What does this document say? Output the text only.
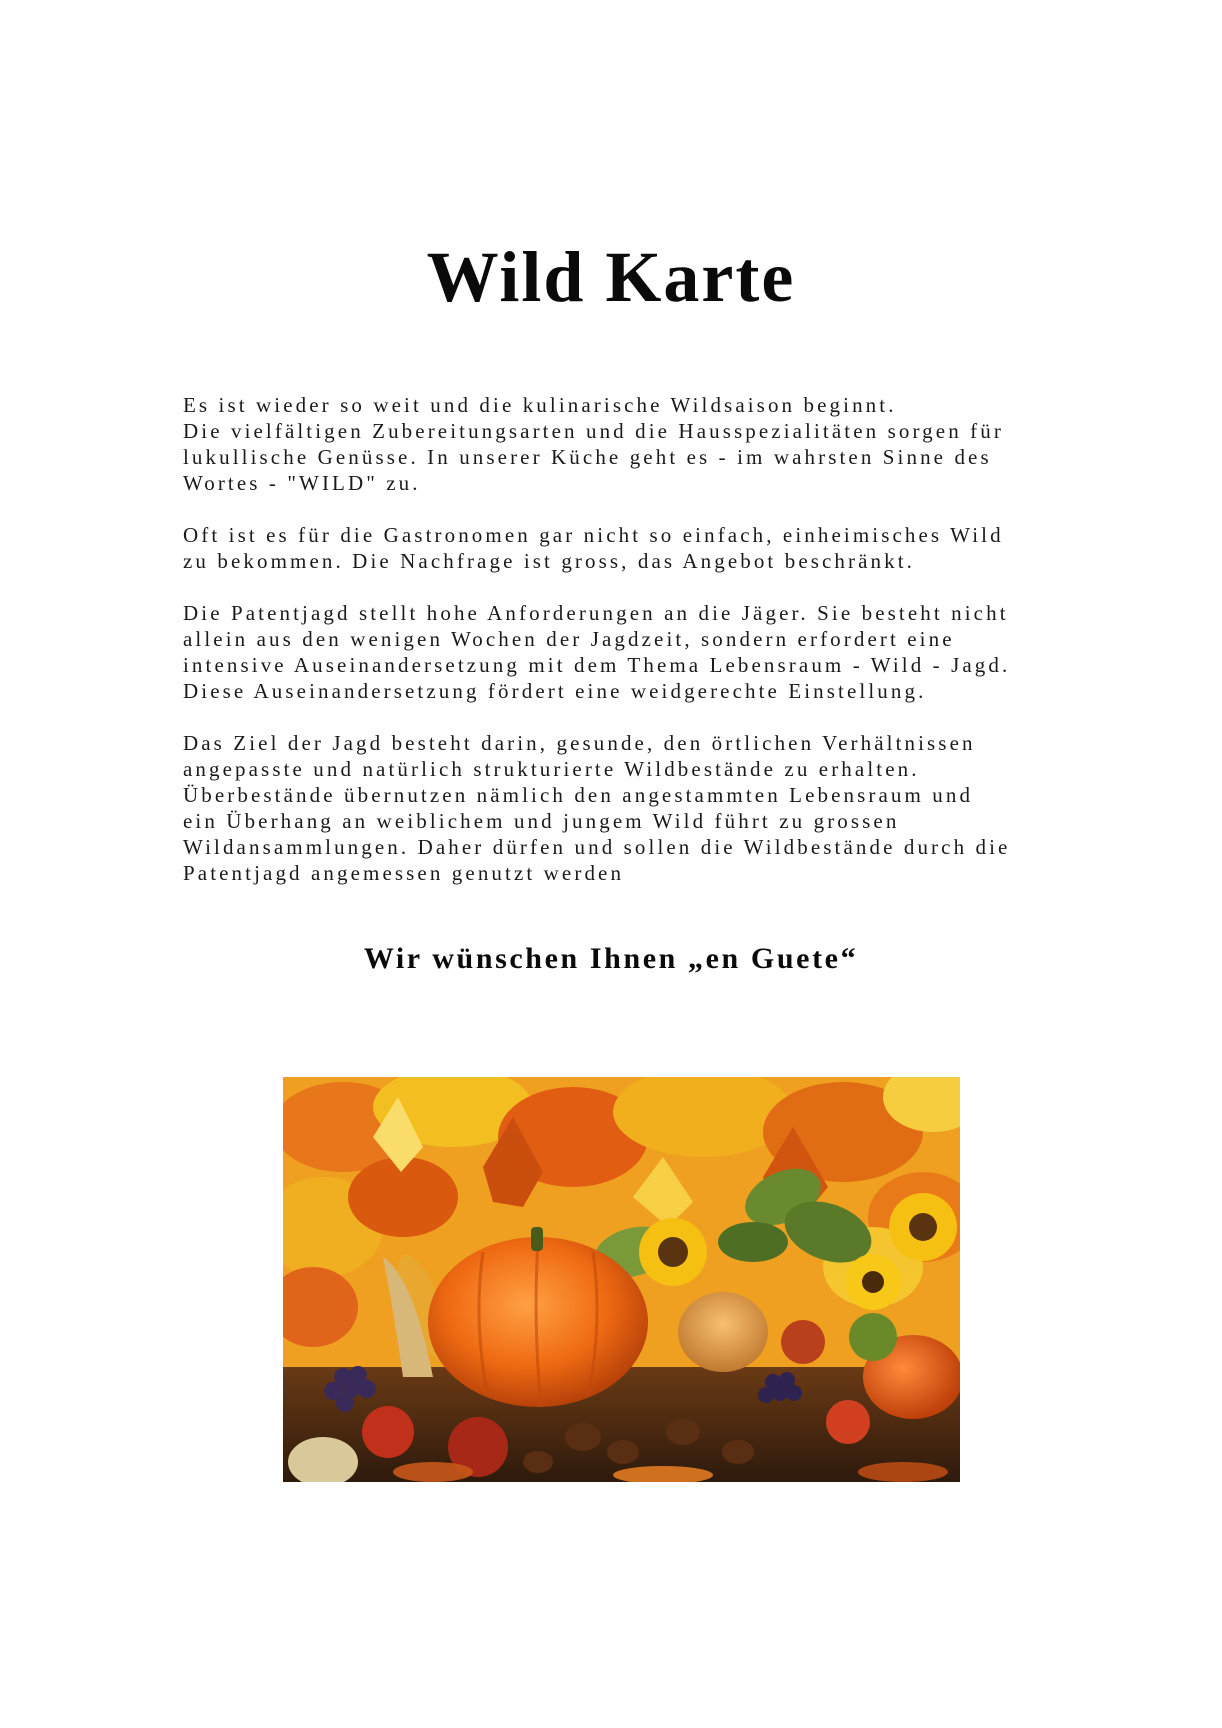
Wild Karte

Es ist wieder so weit und die kulinarische Wildsaison beginnt.
Die vielfältigen Zubereitungsarten und die Hausspezialitäten sorgen für
lukullische Genüsse. In unserer Küche geht es - im wahrsten Sinne des
Wortes - "WILD" zu.

Oft ist es für die Gastronomen gar nicht so einfach, einheimisches Wild
zu bekommen. Die Nachfrage ist gross, das Angebot beschränkt.

Die Patentjagd stellt hohe Anforderungen an die Jäger. Sie besteht nicht
allein aus den wenigen Wochen der Jagdzeit, sondern erfordert eine
intensive Auseinandersetzung mit dem Thema Lebensraum - Wild - Jagd.
Diese Auseinandersetzung fördert eine weidgerechte Einstellung.

Das Ziel der Jagd besteht darin, gesunde, den örtlichen Verhältnissen
angepasste und natürlich strukturierte Wildbestände zu erhalten.
Überbestände übernutzen nämlich den angestammten Lebensraum und
ein Überhang an weiblichem und jungem Wild führt zu grossen
Wildansammlungen. Daher dürfen und sollen die Wildbestände durch die
Patentjagd angemessen genutzt werden

Wir wünschen Ihnen „en Guete“
